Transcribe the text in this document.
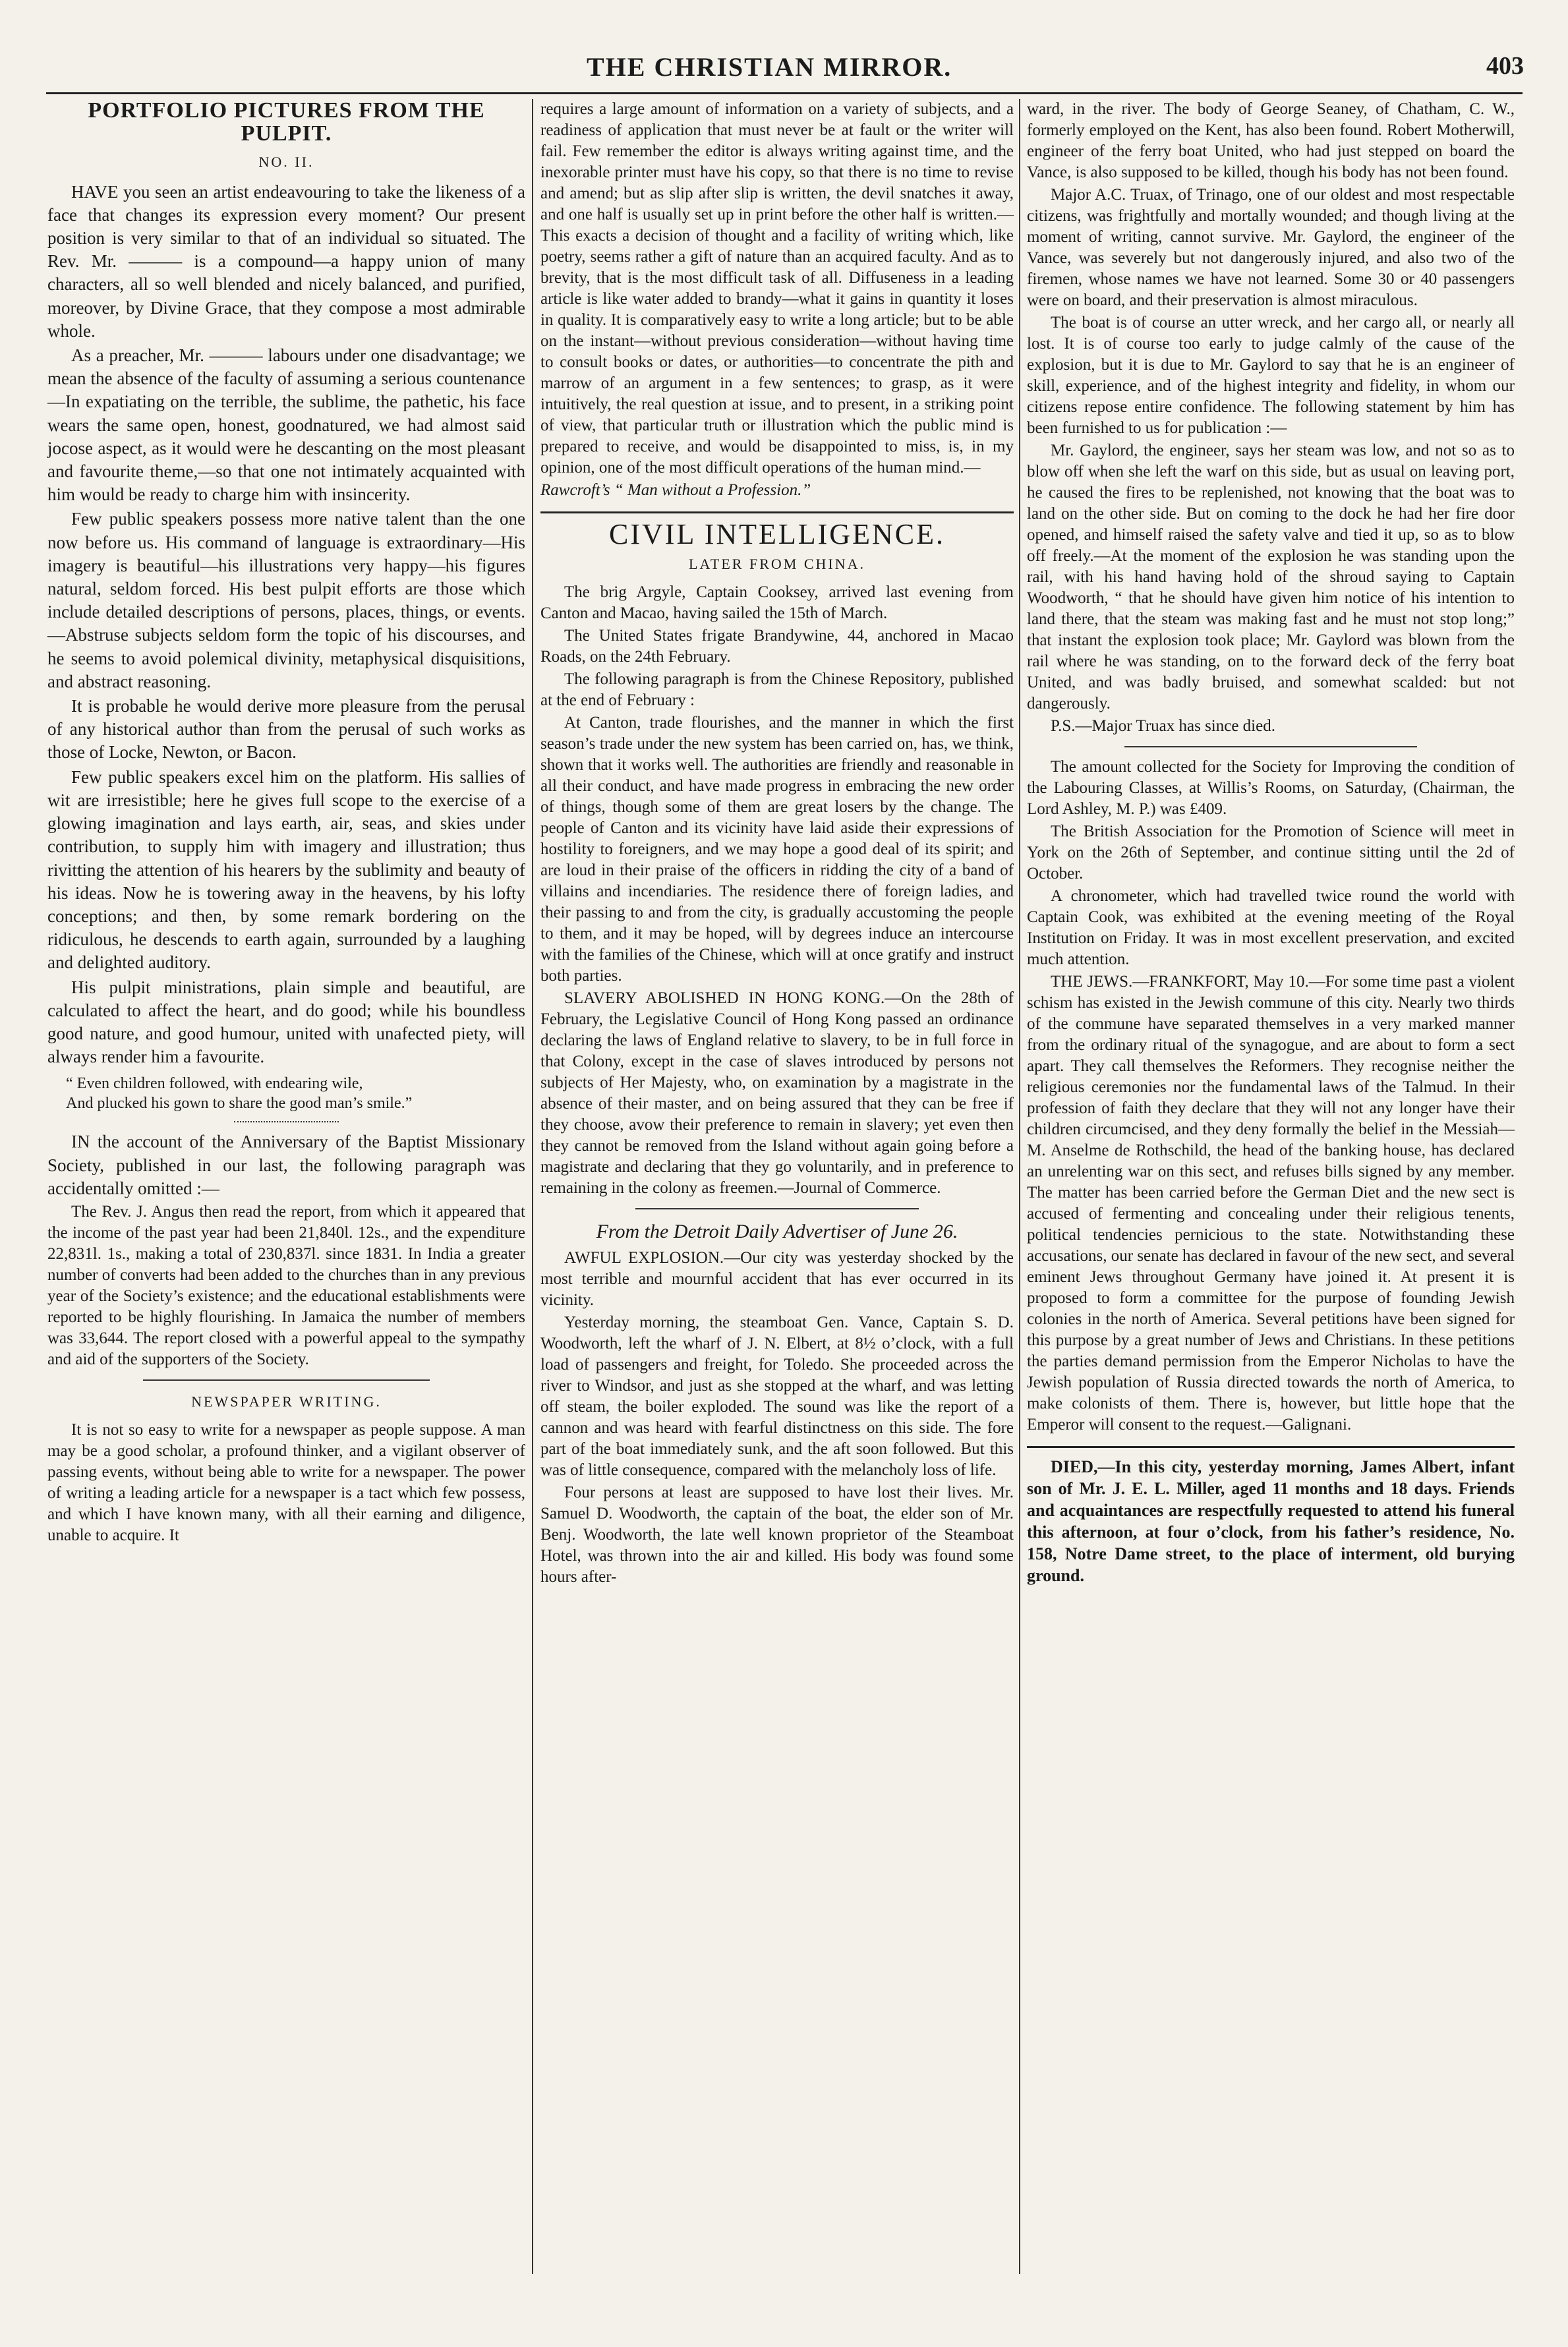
THE CHRISTIAN MIRROR.	403

PORTFOLIO PICTURES FROM THE PULPIT.

NO. II.

HAVE you seen an artist endeavouring to take the likeness of a face that changes its expression every moment? Our present position is very similar to that of an individual so situated. The Rev. Mr. ——— is a compound—a happy union of many characters, all so well blended and nicely balanced, and purified, moreover, by Divine Grace, that they compose a most admirable whole.

As a preacher, Mr. ——— labours under one disadvantage; we mean the absence of the faculty of assuming a serious countenance—In expatiating on the terrible, the sublime, the pathetic, his face wears the same open, honest, goodnatured, we had almost said jocose aspect, as it would were he descanting on the most pleasant and favourite theme,—so that one not intimately acquainted with him would be ready to charge him with insincerity.

Few public speakers possess more native talent than the one now before us. His command of language is extraordinary—His imagery is beautiful—his illustrations very happy—his figures natural, seldom forced. His best pulpit efforts are those which include detailed descriptions of persons, places, things, or events.—Abstruse subjects seldom form the topic of his discourses, and he seems to avoid polemical divinity, metaphysical disquisitions, and abstract reasoning.

It is probable he would derive more pleasure from the perusal of any historical author than from the perusal of such works as those of Locke, Newton, or Bacon.

Few public speakers excel him on the platform. His sallies of wit are irresistible; here he gives full scope to the exercise of a glowing imagination and lays earth, air, seas, and skies under contribution, to supply him with imagery and illustration; thus rivitting the attention of his hearers by the sublimity and beauty of his ideas. Now he is towering away in the heavens, by his lofty conceptions; and then, by some remark bordering on the ridiculous, he descends to earth again, surrounded by a laughing and delighted auditory.

His pulpit ministrations, plain simple and beautiful, are calculated to affect the heart, and do good; while his boundless good nature, and good humour, united with unafected piety, will always render him a favourite.

“ Even children followed, with endearing wile,

And plucked his gown to share the good man’s smile.”

IN the account of the Anniversary of the Baptist Missionary Society, published in our last, the following paragraph was accidentally omitted :—

The Rev. J. Angus then read the report, from which it appeared that the income of the past year had been 21,840l. 12s., and the expenditure 22,831l. 1s., making a total of 230,837l. since 1831. In India a greater number of converts had been added to the churches than in any previous year of the Society’s existence; and the educational establishments were reported to be highly flourishing. In Jamaica the number of members was 33,644. The report closed with a powerful appeal to the sympathy and aid of the supporters of the Society.

NEWSPAPER WRITING.

It is not so easy to write for a newspaper as people suppose. A man may be a good scholar, a profound thinker, and a vigilant observer of passing events, without being able to write for a newspaper. The power of writing a leading article for a newspaper is a tact which few possess, and which I have known many, with all their earning and diligence, unable to acquire. It

requires a large amount of information on a variety of subjects, and a readiness of application that must never be at fault or the writer will fail. Few remember the editor is always writing against time, and the inexorable printer must have his copy, so that there is no time to revise and amend; but as slip after slip is written, the devil snatches it away, and one half is usually set up in print before the other half is written.—This exacts a decision of thought and a facility of writing which, like poetry, seems rather a gift of nature than an acquired faculty. And as to brevity, that is the most difficult task of all. Diffuseness in a leading article is like water added to brandy—what it gains in quantity it loses in quality. It is comparatively easy to write a long article; but to be able on the instant—without previous consideration—without having time to consult books or dates, or authorities—to concentrate the pith and marrow of an argument in a few sentences; to grasp, as it were intuitively, the real question at issue, and to present, in a striking point of view, that particular truth or illustration which the public mind is prepared to receive, and would be disappointed to miss, is, in my opinion, one of the most difficult operations of the human mind.—

Rawcroft’s “ Man without a Profession.”

CIVIL INTELLIGENCE.

LATER FROM CHINA.

The brig Argyle, Captain Cooksey, arrived last evening from Canton and Macao, having sailed the 15th of March.

The United States frigate Brandywine, 44, anchored in Macao Roads, on the 24th February.

The following paragraph is from the Chinese Repository, published at the end of February :

At Canton, trade flourishes, and the manner in which the first season’s trade under the new system has been carried on, has, we think, shown that it works well. The authorities are friendly and reasonable in all their conduct, and have made progress in embracing the new order of things, though some of them are great losers by the change. The people of Canton and its vicinity have laid aside their expressions of hostility to foreigners, and we may hope a good deal of its spirit; and are loud in their praise of the officers in ridding the city of a band of villains and incendiaries. The residence there of foreign ladies, and their passing to and from the city, is gradually accustoming the people to them, and it may be hoped, will by degrees induce an intercourse with the families of the Chinese, which will at once gratify and instruct both parties.

SLAVERY ABOLISHED IN HONG KONG.—On the 28th of February, the Legislative Council of Hong Kong passed an ordinance declaring the laws of England relative to slavery, to be in full force in that Colony, except in the case of slaves introduced by persons not subjects of Her Majesty, who, on examination by a magistrate in the absence of their master, and on being assured that they can be free if they choose, avow their preference to remain in slavery; yet even then they cannot be removed from the Island without again going before a magistrate and declaring that they go voluntarily, and in preference to remaining in the colony as freemen.—Journal of Commerce.

From the Detroit Daily Advertiser of June 26.

AWFUL EXPLOSION.—Our city was yesterday shocked by the most terrible and mournful accident that has ever occurred in its vicinity.

Yesterday morning, the steamboat Gen. Vance, Captain S. D. Woodworth, left the wharf of J. N. Elbert, at 8½ o’clock, with a full load of passengers and freight, for Toledo. She proceeded across the river to Windsor, and just as she stopped at the wharf, and was letting off steam, the boiler exploded. The sound was like the report of a cannon and was heard with fearful distinctness on this side. The fore part of the boat immediately sunk, and the aft soon followed. But this was of little consequence, compared with the melancholy loss of life.

Four persons at least are supposed to have lost their lives. Mr. Samuel D. Woodworth, the captain of the boat, the elder son of Mr. Benj. Woodworth, the late well known proprietor of the Steamboat Hotel, was thrown into the air and killed. His body was found some hours after-

ward, in the river. The body of George Seaney, of Chatham, C. W., formerly employed on the Kent, has also been found. Robert Motherwill, engineer of the ferry boat United, who had just stepped on board the Vance, is also supposed to be killed, though his body has not been found.

Major A.C. Truax, of Trinago, one of our oldest and most respectable citizens, was frightfully and mortally wounded; and though living at the moment of writing, cannot survive. Mr. Gaylord, the engineer of the Vance, was severely but not dangerously injured, and also two of the firemen, whose names we have not learned. Some 30 or 40 passengers were on board, and their preservation is almost miraculous.

The boat is of course an utter wreck, and her cargo all, or nearly all lost. It is of course too early to judge calmly of the cause of the explosion, but it is due to Mr. Gaylord to say that he is an engineer of skill, experience, and of the highest integrity and fidelity, in whom our citizens repose entire confidence. The following statement by him has been furnished to us for publication :—

Mr. Gaylord, the engineer, says her steam was low, and not so as to blow off when she left the warf on this side, but as usual on leaving port, he caused the fires to be replenished, not knowing that the boat was to land on the other side. But on coming to the dock he had her fire door opened, and himself raised the safety valve and tied it up, so as to blow off freely.—At the moment of the explosion he was standing upon the rail, with his hand having hold of the shroud saying to Captain Woodworth, “ that he should have given him notice of his intention to land there, that the steam was making fast and he must not stop long;” that instant the explosion took place; Mr. Gaylord was blown from the rail where he was standing, on to the forward deck of the ferry boat United, and was badly bruised, and somewhat scalded: but not dangerously.

P.S.—Major Truax has since died.

The amount collected for the Society for Improving the condition of the Labouring Classes, at Willis’s Rooms, on Saturday, (Chairman, the Lord Ashley, M. P.) was £409.

The British Association for the Promotion of Science will meet in York on the 26th of September, and continue sitting until the 2d of October.

A chronometer, which had travelled twice round the world with Captain Cook, was exhibited at the evening meeting of the Royal Institution on Friday. It was in most excellent preservation, and excited much attention.

THE JEWS.—FRANKFORT, May 10.—For some time past a violent schism has existed in the Jewish commune of this city. Nearly two thirds of the commune have separated themselves in a very marked manner from the ordinary ritual of the synagogue, and are about to form a sect apart. They call themselves the Reformers. They recognise neither the religious ceremonies nor the fundamental laws of the Talmud. In their profession of faith they declare that they will not any longer have their children circumcised, and they deny formally the belief in the Messiah—M. Anselme de Rothschild, the head of the banking house, has declared an unrelenting war on this sect, and refuses bills signed by any member. The matter has been carried before the German Diet and the new sect is accused of fermenting and concealing under their religious tenents, political tendencies pernicious to the state. Notwithstanding these accusations, our senate has declared in favour of the new sect, and several eminent Jews throughout Germany have joined it. At present it is proposed to form a committee for the purpose of founding Jewish colonies in the north of America. Several petitions have been signed for this purpose by a great number of Jews and Christians. In these petitions the parties demand permission from the Emperor Nicholas to have the Jewish population of Russia directed towards the north of America, to make colonists of them. There is, however, but little hope that the Emperor will consent to the request.—Galignani.

DIED,—In this city, yesterday morning, James Albert, infant son of Mr. J. E. L. Miller, aged 11 months and 18 days. Friends and acquaintances are respectfully requested to attend his funeral this afternoon, at four o’clock, from his father’s residence, No. 158, Notre Dame street, to the place of interment, old burying ground.
